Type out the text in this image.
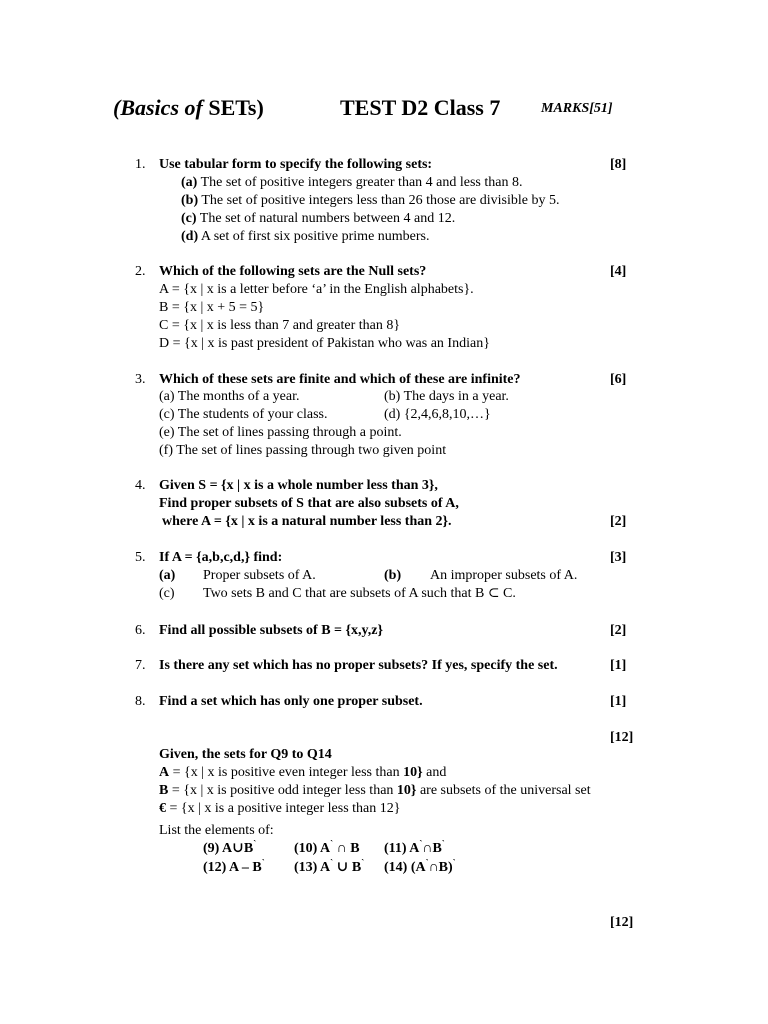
(Basics of SETs)	TEST D2 Class 7	MARKS[51]
1. Use tabular form to specify the following sets:	[8]
(a) The set of positive integers greater than 4 and less than 8.
(b) The set of positive integers less than 26 those are divisible by 5.
(c) The set of natural numbers between 4 and 12.
(d) A set of first six positive prime numbers.
2. Which of the following sets are the Null sets?	[4]
A = {x | x is a letter before ‘a’ in the English alphabets}.
B = {x | x + 5 = 5}
C = {x | x is less than 7 and greater than 8}
D = {x | x is past president of Pakistan who was an Indian}
3. Which of these sets are finite and which of these are infinite?	[6]
(a) The months of a year.	(b) The days in a year.
(c) The students of your class.	(d) {2,4,6,8,10,…}
(e) The set of lines passing through a point.
(f) The set of lines passing through two given point
4. Given S = {x | x is a whole number less than 3},
Find proper subsets of S that are also subsets of A,
where A = {x | x is a natural number less than 2}.	[2]
5. If A = {a,b,c,d,} find:	[3]
(a) Proper subsets of A.	(b) An improper subsets of A.
(c) Two sets B and C that are subsets of A such that B ⊂ C.
6. Find all possible subsets of B = {x,y,z}	[2]
7. Is there any set which has no proper subsets? If yes, specify the set.	[1]
8. Find a set which has only one proper subset.	[1]
[12]
Given, the sets for Q9 to Q14
A = {x | x is positive even integer less than 10} and
B = {x | x is positive odd integer less than 10} are subsets of the universal set
€ = {x | x is a positive integer less than 12}
List the elements of:
(9) A∪B`	(10) A` ∩ B (11) A`∩B`
(12) A – B` (13) A` ∪ B` (14) (A`∩B)`
[12]
